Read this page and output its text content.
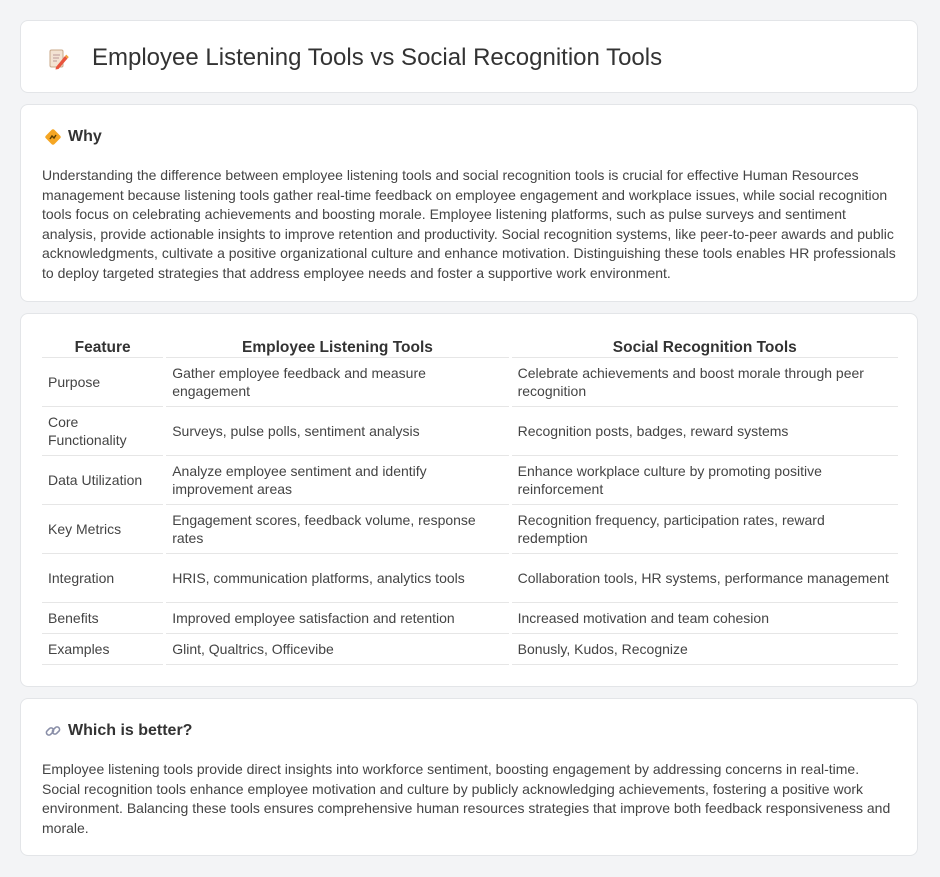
Employee Listening Tools vs Social Recognition Tools
Why

Understanding the difference between employee listening tools and social recognition tools is crucial for effective Human Resources management because listening tools gather real-time feedback on employee engagement and workplace issues, while social recognition tools focus on celebrating achievements and boosting morale. Employee listening platforms, such as pulse surveys and sentiment analysis, provide actionable insights to improve retention and productivity. Social recognition systems, like peer-to-peer awards and public acknowledgments, cultivate a positive organizational culture and enhance motivation. Distinguishing these tools enables HR professionals to deploy targeted strategies that address employee needs and foster a supportive work environment.

Feature		Employee Listening Tools		Social Recognition Tools
Purpose		Gather employee feedback and measure engagement		Celebrate achievements and boost morale through peer recognition
Core Functionality		Surveys, pulse polls, sentiment analysis		Recognition posts, badges, reward systems
Data Utilization		Analyze employee sentiment and identify improvement areas		Enhance workplace culture by promoting positive reinforcement
Key Metrics		Engagement scores, feedback volume, response rates		Recognition frequency, participation rates, reward redemption
Integration		HRIS, communication platforms, analytics tools		Collaboration tools, HR systems, performance management
Benefits		Improved employee satisfaction and retention		Increased motivation and team cohesion
Examples		Glint, Qualtrics, Officevibe		Bonusly, Kudos, Recognize
Which is better?

Employee listening tools provide direct insights into workforce sentiment, boosting engagement by addressing concerns in real-time. Social recognition tools enhance employee motivation and culture by publicly acknowledging achievements, fostering a positive work environment. Balancing these tools ensures comprehensive human resources strategies that improve both feedback responsiveness and morale.
